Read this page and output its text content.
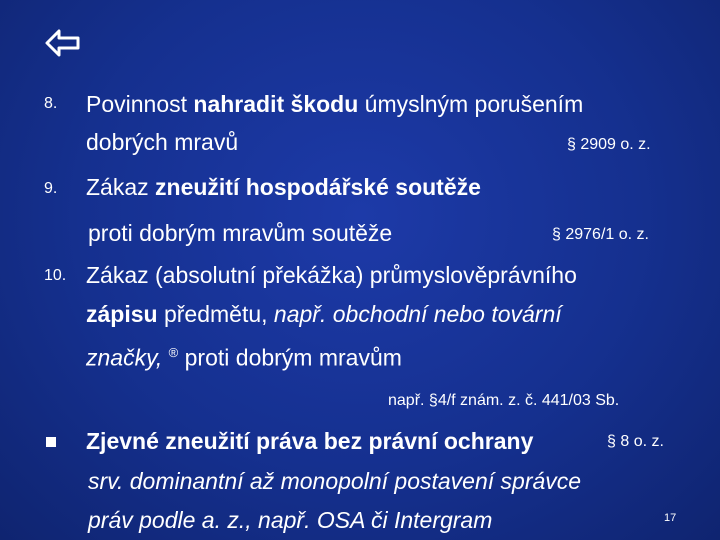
8. Povinnost nahradit škodu úmyslným porušením
dobrých mravů	§ 2909 o. z.
9. Zákaz zneužití hospodářské soutěže
proti dobrým mravům soutěže	§ 2976/1 o. z.
10. Zákaz (absolutní překážka) průmyslověprávního
zápisu předmětu, např. obchodní nebo tovární
značky, ® proti dobrým mravům
např. §4/f znám. z. č. 441/03 Sb.
Zjevné zneužití práva bez právní ochrany	§ 8 o. z.
srv. dominantní až monopolní postavení správce
práv podle a. z., např. OSA či Intergram	17
